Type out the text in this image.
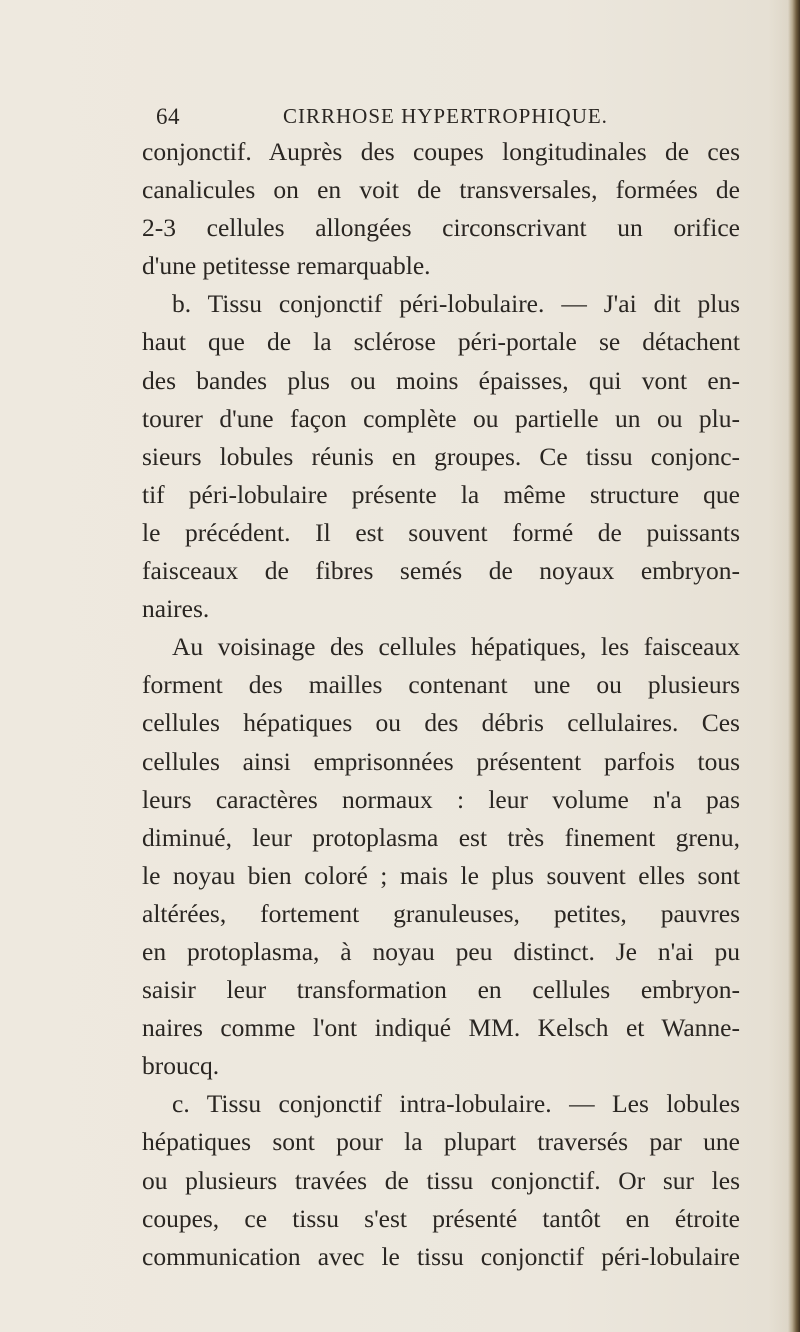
64	CIRRHOSE HYPERTROPHIQUE.
conjonctif. Auprès des coupes longitudinales de ces
canalicules on en voit de transversales, formées de
2-3 cellules allongées circonscrivant un orifice
d'une petitesse remarquable.
b. Tissu conjonctif péri-lobulaire. — J'ai dit plus
haut que de la sclérose péri-portale se détachent
des bandes plus ou moins épaisses, qui vont en-
tourer d'une façon complète ou partielle un ou plu-
sieurs lobules réunis en groupes. Ce tissu conjonc-
tif péri-lobulaire présente la même structure que
le précédent. Il est souvent formé de puissants
faisceaux de fibres semés de noyaux embryon-
naires.
Au voisinage des cellules hépatiques, les faisceaux
forment des mailles contenant une ou plusieurs
cellules hépatiques ou des débris cellulaires. Ces
cellules ainsi emprisonnées présentent parfois tous
leurs caractères normaux : leur volume n'a pas
diminué, leur protoplasma est très finement grenu,
le noyau bien coloré ; mais le plus souvent elles sont
altérées, fortement granuleuses, petites, pauvres
en protoplasma, à noyau peu distinct. Je n'ai pu
saisir leur transformation en cellules embryon-
naires comme l'ont indiqué MM. Kelsch et Wanne-
broucq.
c. Tissu conjonctif intra-lobulaire. — Les lobules
hépatiques sont pour la plupart traversés par une
ou plusieurs travées de tissu conjonctif. Or sur les
coupes, ce tissu s'est présenté tantôt en étroite
communication avec le tissu conjonctif péri-lobulaire
